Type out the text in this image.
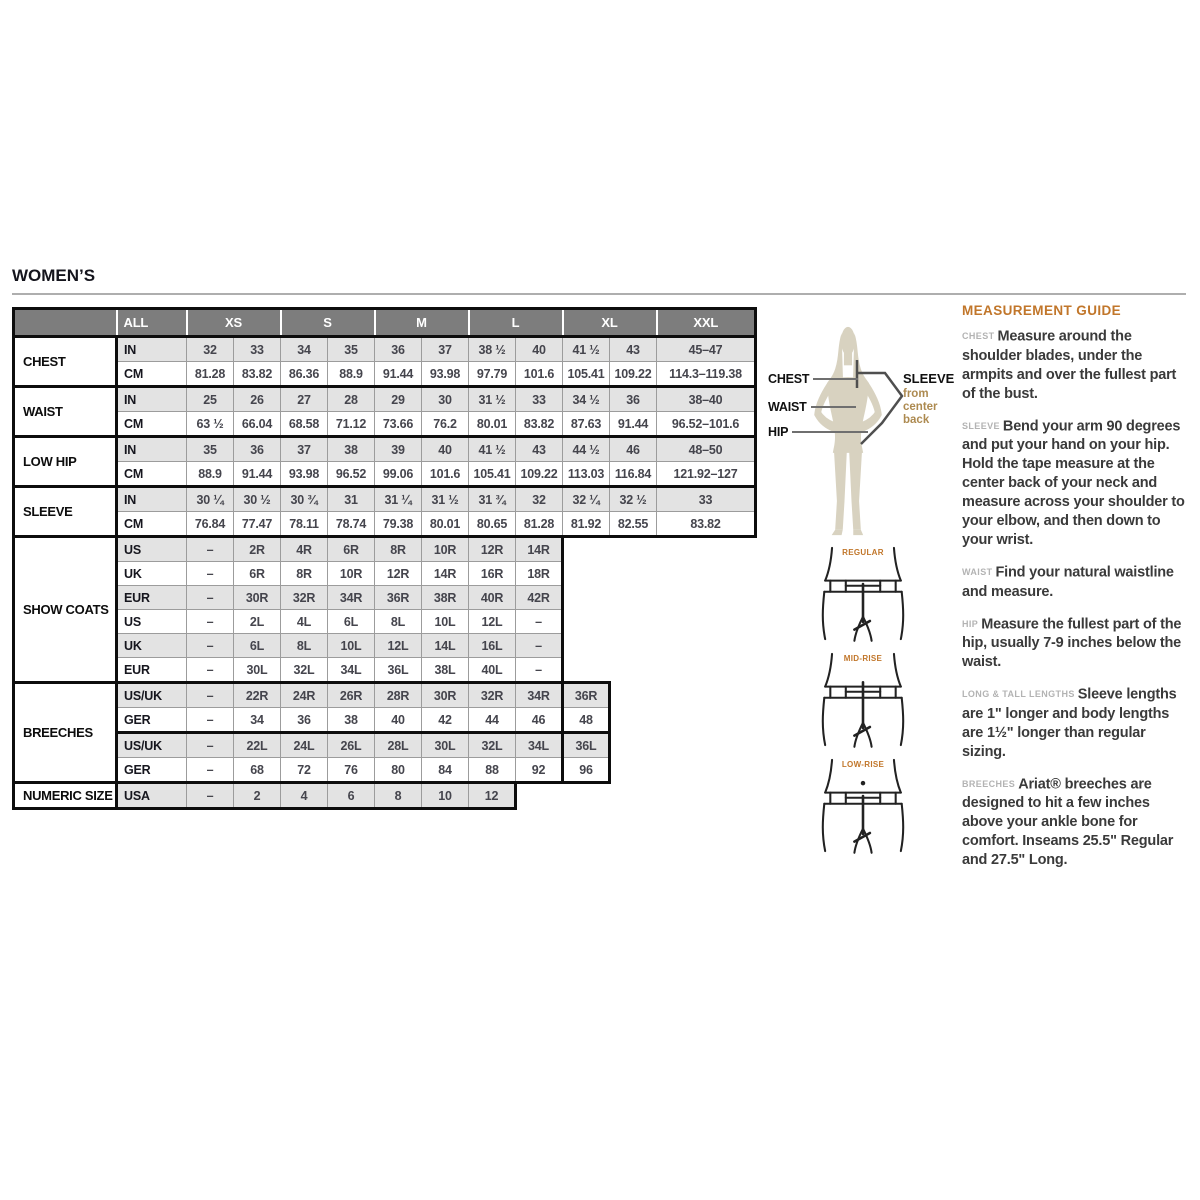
WOMEN’S
	ALL	XS		S		M		L		XL		XXL
CHEST	IN	32	33	34	35	36	37	38 ½	40	41 ½	43	45–47
	CM	81.28	83.82	86.36	88.9	91.44	93.98	97.79	101.6	105.41	109.22	114.3–119.38
WAIST	IN	25	26	27	28	29	30	31 ½	33	34 ½	36	38–40
	CM	63 ½	66.04	68.58	71.12	73.66	76.2	80.01	83.82	87.63	91.44	96.52–101.6
LOW HIP	IN	35	36	37	38	39	40	41 ½	43	44 ½	46	48–50
	CM	88.9	91.44	93.98	96.52	99.06	101.6	105.41	109.22	113.03	116.84	121.92–127
SLEEVE	IN	30 ¼	30 ½	30 ¾	31	31 ¼	31 ½	31 ¾	32	32 ¼	32 ½	33
	CM	76.84	77.47	78.11	78.74	79.38	80.01	80.65	81.28	81.92	82.55	83.82
SHOW COATS	US	–	2R	4R	6R	8R	10R	12R	14R
	UK	–	6R	8R	10R	12R	14R	16R	18R
	EUR	–	30R	32R	34R	36R	38R	40R	42R
	US	–	2L	4L	6L	8L	10L	12L	–
	UK	–	6L	8L	10L	12L	14L	16L	–
	EUR	–	30L	32L	34L	36L	38L	40L	–
BREECHES	US/UK	–	22R	24R	26R	28R	30R	32R	34R	36R
	GER	–	34	36	38	40	42	44	46	48
	US/UK	–	22L	24L	26L	28L	30L	32L	34L	36L
	GER	–	68	72	76	80	84	88	92	96
NUMERIC SIZE	USA	–	2	4	6	8	10	12
CHEST
WAIST
HIP
SLEEVE
from center back
REGULAR
MID-RISE
LOW-RISE
MEASUREMENT GUIDE

CHEST Measure around the shoulder blades, under the armpits and over the fullest part of the bust.

SLEEVE Bend your arm 90 degrees and put your hand on your hip. Hold the tape measure at the center back of your neck and measure across your shoulder to your elbow, and then down to your wrist.

WAIST Find your natural waistline and measure.

HIP Measure the fullest part of the hip, usually 7-9 inches below the waist.

LONG & TALL LENGTHS Sleeve lengths are 1" longer and body lengths are 1½" longer than regular sizing.

BREECHES Ariat® breeches are designed to hit a few inches above your ankle bone for comfort. Inseams 25.5" Regular and 27.5" Long.
